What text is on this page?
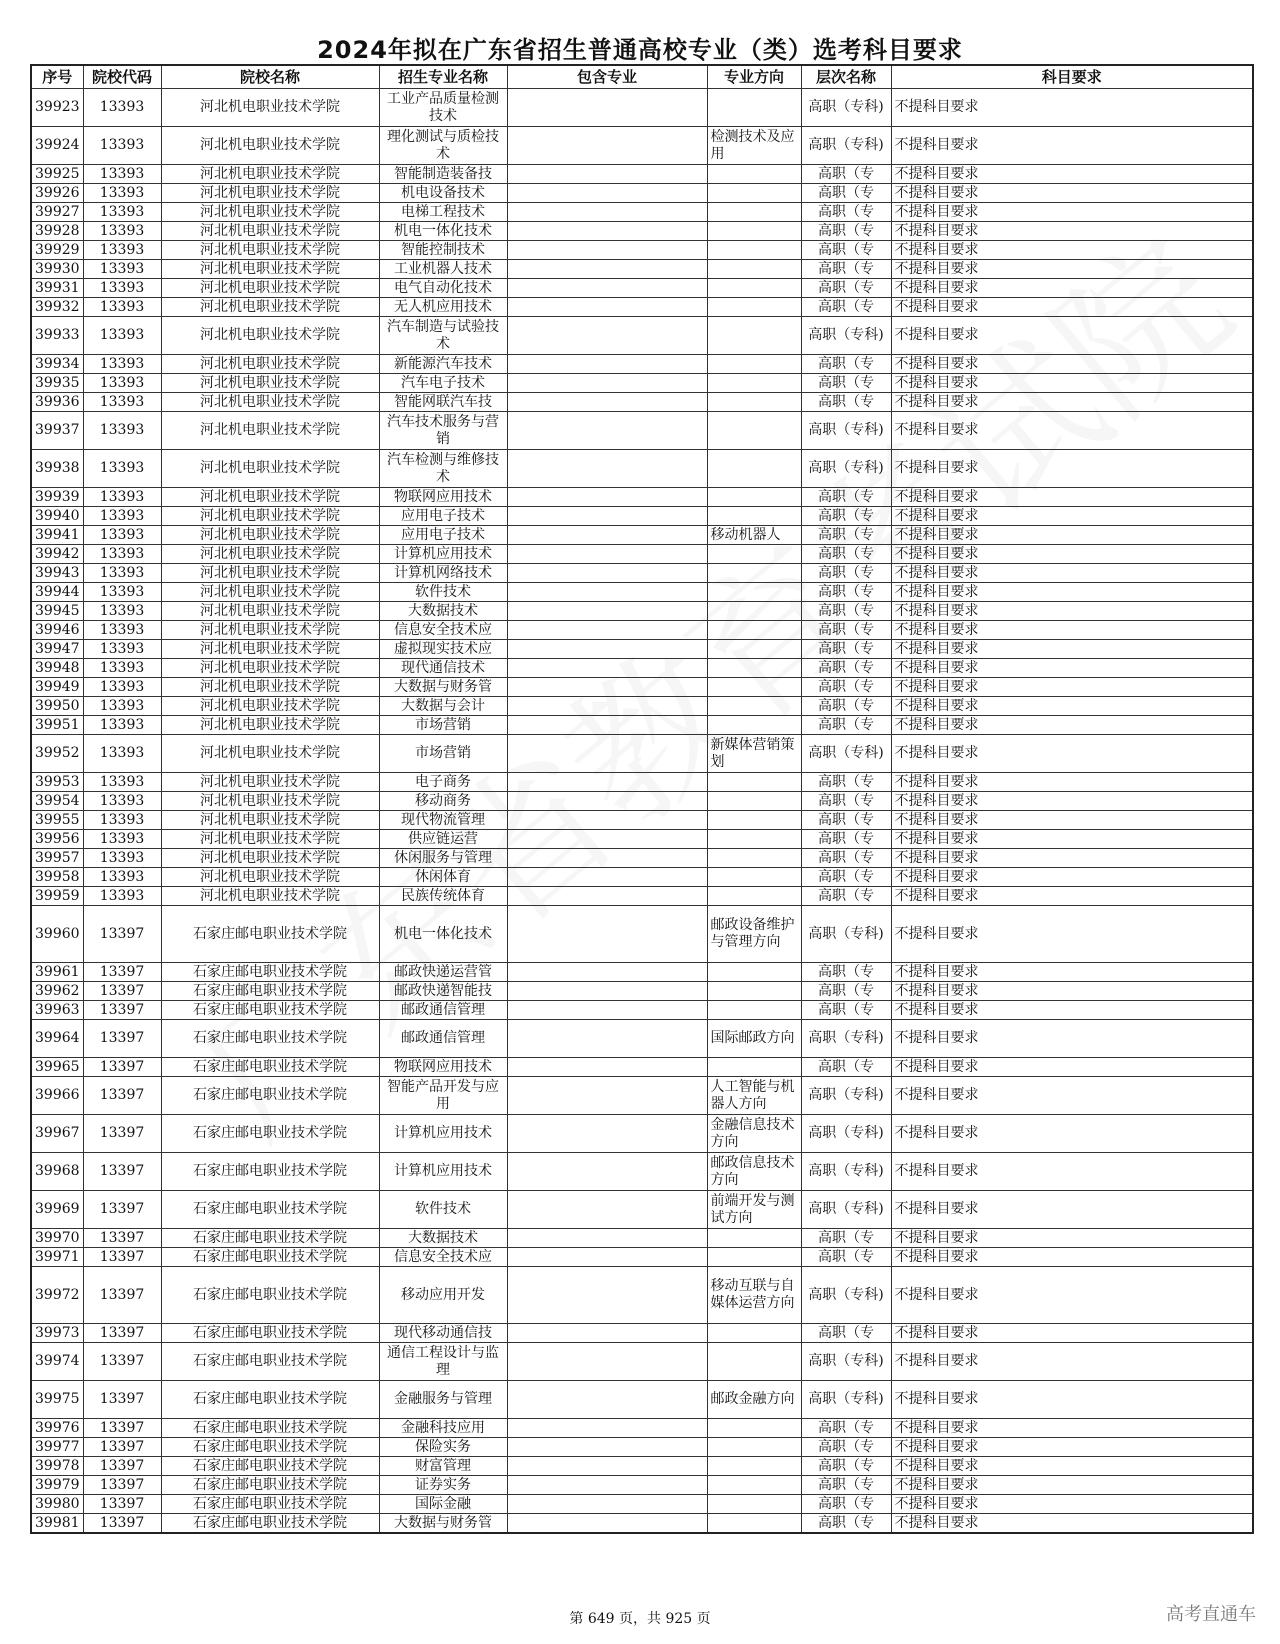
2024年拟在广东省招生普通高校专业（类）选考科目要求
序号	院校代码	院校名称	招生专业名称	包含专业	专业方向	层次名称	科目要求
39923	13393	河北机电职业技术学院	工业产品质量检测技术			高职（专科)	不提科目要求
39924	13393	河北机电职业技术学院	理化测试与质检技术		检测技术及应用	高职（专科)	不提科目要求
39925	13393	河北机电职业技术学院	智能制造装备技			高职（专	不提科目要求
39926	13393	河北机电职业技术学院	机电设备技术			高职（专	不提科目要求
39927	13393	河北机电职业技术学院	电梯工程技术			高职（专	不提科目要求
39928	13393	河北机电职业技术学院	机电一体化技术			高职（专	不提科目要求
39929	13393	河北机电职业技术学院	智能控制技术			高职（专	不提科目要求
39930	13393	河北机电职业技术学院	工业机器人技术			高职（专	不提科目要求
39931	13393	河北机电职业技术学院	电气自动化技术			高职（专	不提科目要求
39932	13393	河北机电职业技术学院	无人机应用技术			高职（专	不提科目要求
39933	13393	河北机电职业技术学院	汽车制造与试验技术			高职（专科)	不提科目要求
39934	13393	河北机电职业技术学院	新能源汽车技术			高职（专	不提科目要求
39935	13393	河北机电职业技术学院	汽车电子技术			高职（专	不提科目要求
39936	13393	河北机电职业技术学院	智能网联汽车技			高职（专	不提科目要求
39937	13393	河北机电职业技术学院	汽车技术服务与营销			高职（专科)	不提科目要求
39938	13393	河北机电职业技术学院	汽车检测与维修技术			高职（专科)	不提科目要求
39939	13393	河北机电职业技术学院	物联网应用技术			高职（专	不提科目要求
39940	13393	河北机电职业技术学院	应用电子技术			高职（专	不提科目要求
39941	13393	河北机电职业技术学院	应用电子技术		移动机器人	高职（专	不提科目要求
39942	13393	河北机电职业技术学院	计算机应用技术			高职（专	不提科目要求
39943	13393	河北机电职业技术学院	计算机网络技术			高职（专	不提科目要求
39944	13393	河北机电职业技术学院	软件技术			高职（专	不提科目要求
39945	13393	河北机电职业技术学院	大数据技术			高职（专	不提科目要求
39946	13393	河北机电职业技术学院	信息安全技术应			高职（专	不提科目要求
39947	13393	河北机电职业技术学院	虚拟现实技术应			高职（专	不提科目要求
39948	13393	河北机电职业技术学院	现代通信技术			高职（专	不提科目要求
39949	13393	河北机电职业技术学院	大数据与财务管			高职（专	不提科目要求
39950	13393	河北机电职业技术学院	大数据与会计			高职（专	不提科目要求
39951	13393	河北机电职业技术学院	市场营销			高职（专	不提科目要求
39952	13393	河北机电职业技术学院	市场营销		新媒体营销策划	高职（专科)	不提科目要求
39953	13393	河北机电职业技术学院	电子商务			高职（专	不提科目要求
39954	13393	河北机电职业技术学院	移动商务			高职（专	不提科目要求
39955	13393	河北机电职业技术学院	现代物流管理			高职（专	不提科目要求
39956	13393	河北机电职业技术学院	供应链运营			高职（专	不提科目要求
39957	13393	河北机电职业技术学院	休闲服务与管理			高职（专	不提科目要求
39958	13393	河北机电职业技术学院	休闲体育			高职（专	不提科目要求
39959	13393	河北机电职业技术学院	民族传统体育			高职（专	不提科目要求
39960	13397	石家庄邮电职业技术学院	机电一体化技术		邮政设备维护与管理方向	高职（专科)	不提科目要求
39961	13397	石家庄邮电职业技术学院	邮政快递运营管			高职（专	不提科目要求
39962	13397	石家庄邮电职业技术学院	邮政快递智能技			高职（专	不提科目要求
39963	13397	石家庄邮电职业技术学院	邮政通信管理			高职（专	不提科目要求
39964	13397	石家庄邮电职业技术学院	邮政通信管理		国际邮政方向	高职（专科)	不提科目要求
39965	13397	石家庄邮电职业技术学院	物联网应用技术			高职（专	不提科目要求
39966	13397	石家庄邮电职业技术学院	智能产品开发与应用		人工智能与机器人方向	高职（专科)	不提科目要求
39967	13397	石家庄邮电职业技术学院	计算机应用技术		金融信息技术方向	高职（专科)	不提科目要求
39968	13397	石家庄邮电职业技术学院	计算机应用技术		邮政信息技术方向	高职（专科)	不提科目要求
39969	13397	石家庄邮电职业技术学院	软件技术		前端开发与测试方向	高职（专科)	不提科目要求
39970	13397	石家庄邮电职业技术学院	大数据技术			高职（专	不提科目要求
39971	13397	石家庄邮电职业技术学院	信息安全技术应			高职（专	不提科目要求
39972	13397	石家庄邮电职业技术学院	移动应用开发		移动互联与自媒体运营方向	高职（专科)	不提科目要求
39973	13397	石家庄邮电职业技术学院	现代移动通信技			高职（专	不提科目要求
39974	13397	石家庄邮电职业技术学院	通信工程设计与监理			高职（专科)	不提科目要求
39975	13397	石家庄邮电职业技术学院	金融服务与管理		邮政金融方向	高职（专科)	不提科目要求
39976	13397	石家庄邮电职业技术学院	金融科技应用			高职（专	不提科目要求
39977	13397	石家庄邮电职业技术学院	保险实务			高职（专	不提科目要求
39978	13397	石家庄邮电职业技术学院	财富管理			高职（专	不提科目要求
39979	13397	石家庄邮电职业技术学院	证券实务			高职（专	不提科目要求
39980	13397	石家庄邮电职业技术学院	国际金融			高职（专	不提科目要求
39981	13397	石家庄邮电职业技术学院	大数据与财务管			高职（专	不提科目要求
第 649 页，共 925 页	高考直通车
